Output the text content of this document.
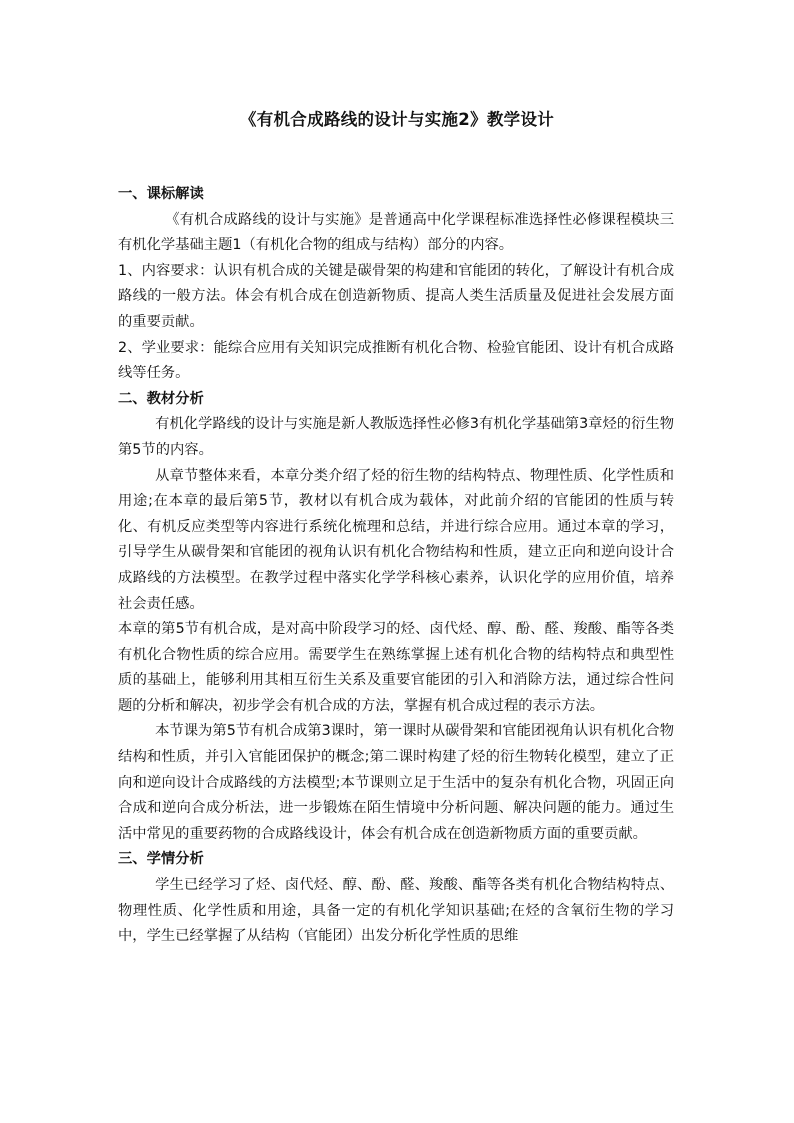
《有机合成路线的设计与实施2》教学设计

一、课标解读

《有机合成路线的设计与实施》是普通高中化学课程标准选择性必修课程模块三有机化学基础主题1（有机化合物的组成与结构）部分的内容。

1、内容要求：认识有机合成的关键是碳骨架的构建和官能团的转化，了解设计有机合成路线的一般方法。体会有机合成在创造新物质、提高人类生活质量及促进社会发展方面的重要贡献。

2、学业要求：能综合应用有关知识完成推断有机化合物、检验官能团、设计有机合成路线等任务。

二、教材分析

有机化学路线的设计与实施是新人教版选择性必修3有机化学基础第3章烃的衍生物第5节的内容。

从章节整体来看，本章分类介绍了烃的衍生物的结构特点、物理性质、化学性质和用途;在本章的最后第5节，教材以有机合成为载体，对此前介绍的官能团的性质与转化、有机反应类型等内容进行系统化梳理和总结，并进行综合应用。通过本章的学习，引导学生从碳骨架和官能团的视角认识有机化合物结构和性质，建立正向和逆向设计合成路线的方法模型。在教学过程中落实化学学科核心素养，认识化学的应用价值，培养社会责任感。

本章的第5节有机合成，是对高中阶段学习的烃、卤代烃、醇、酚、醛、羧酸、酯等各类有机化合物性质的综合应用。需要学生在熟练掌握上述有机化合物的结构特点和典型性质的基础上，能够利用其相互衍生关系及重要官能团的引入和消除方法，通过综合性问题的分析和解决，初步学会有机合成的方法，掌握有机合成过程的表示方法。

本节课为第5节有机合成第3课时，第一课时从碳骨架和官能团视角认识有机化合物结构和性质，并引入官能团保护的概念;第二课时构建了烃的衍生物转化模型，建立了正向和逆向设计合成路线的方法模型;本节课则立足于生活中的复杂有机化合物，巩固正向合成和逆向合成分析法，进一步锻炼在陌生情境中分析问题、解决问题的能力。通过生活中常见的重要药物的合成路线设计，体会有机合成在创造新物质方面的重要贡献。

三、学情分析

学生已经学习了烃、卤代烃、醇、酚、醛、羧酸、酯等各类有机化合物结构特点、物理性质、化学性质和用途，具备一定的有机化学知识基础;在烃的含氧衍生物的学习中，学生已经掌握了从结构（官能团）出发分析化学性质的思维
